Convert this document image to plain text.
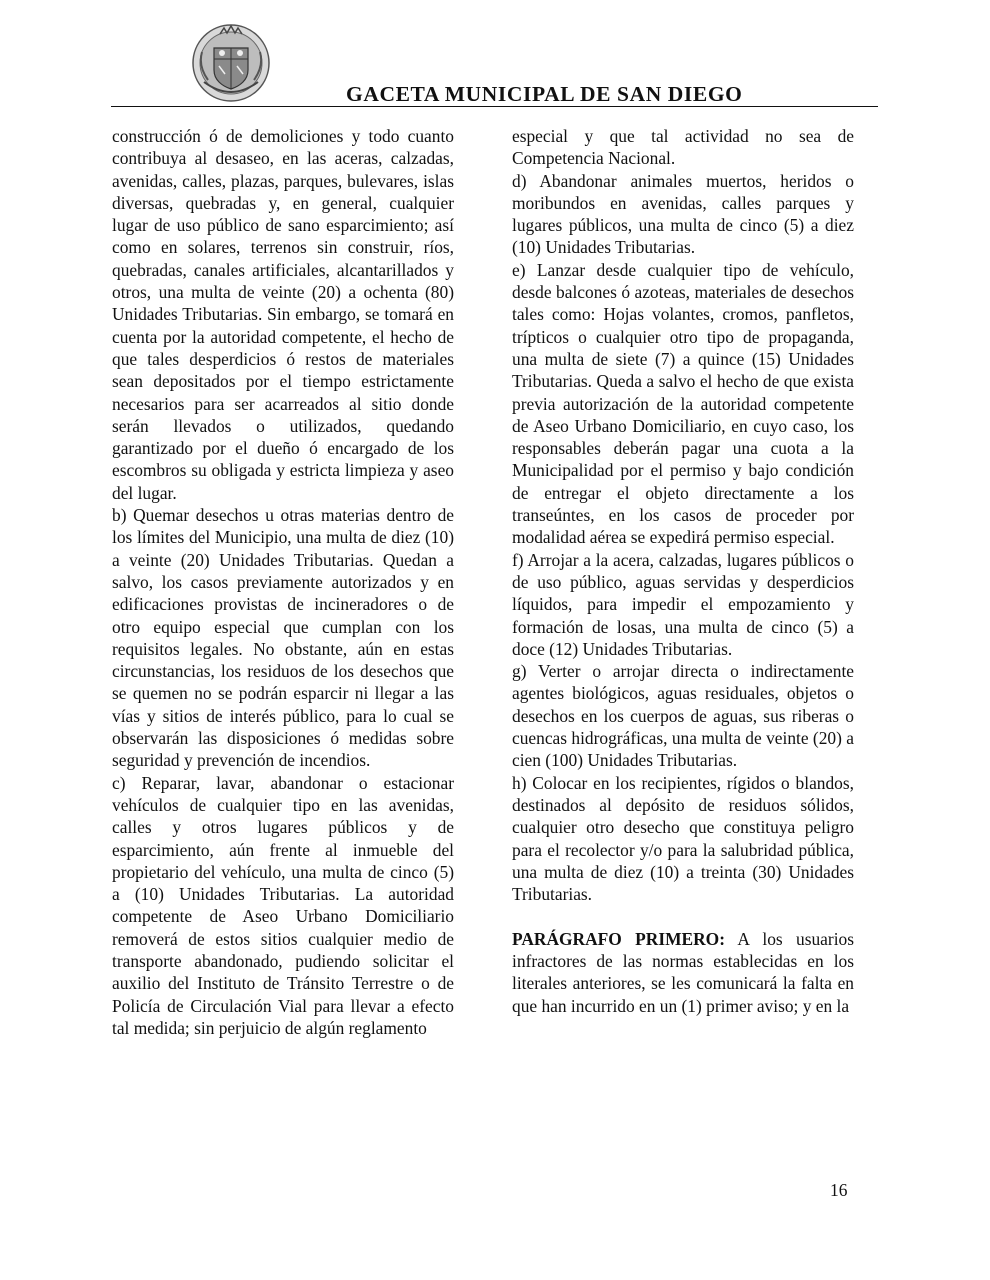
GACETA MUNICIPAL DE SAN DIEGO

construcción ó de demoliciones y todo cuanto contribuya al desaseo, en las aceras, calzadas, avenidas, calles, plazas, parques, bulevares, islas diversas, quebradas y, en general, cualquier lugar de uso público de sano esparcimiento; así como en solares, terrenos sin construir, ríos, quebradas, canales artificiales, alcantarillados y otros, una multa de veinte (20) a ochenta (80) Unidades Tributarias. Sin embargo, se tomará en cuenta por la autoridad competente, el hecho de que tales desperdicios ó restos de materiales sean depositados por el tiempo estrictamente necesarios para ser acarreados al sitio donde serán llevados o utilizados, quedando garantizado por el dueño ó encargado de los escombros su obligada y estricta limpieza y aseo del lugar.

b) Quemar desechos u otras materias dentro de los límites del Municipio, una multa de diez (10) a veinte (20) Unidades Tributarias. Quedan a salvo, los casos previamente autorizados y en edificaciones provistas de incineradores o de otro equipo especial que cumplan con los requisitos legales. No obstante, aún en estas circunstancias, los residuos de los desechos que se quemen no se podrán esparcir ni llegar a las vías y sitios de interés público, para lo cual se observarán las disposiciones ó medidas sobre seguridad y prevención de incendios.

c) Reparar, lavar, abandonar o estacionar vehículos de cualquier tipo en las avenidas, calles y otros lugares públicos y de esparcimiento, aún frente al inmueble del propietario del vehículo, una multa de cinco (5) a (10) Unidades Tributarias. La autoridad competente de Aseo Urbano Domiciliario removerá de estos sitios cualquier medio de transporte abandonado, pudiendo solicitar el auxilio del Instituto de Tránsito Terrestre o de Policía de Circulación Vial para llevar a efecto tal medida; sin perjuicio de algún reglamento

especial y que tal actividad no sea de Competencia Nacional.

d) Abandonar animales muertos, heridos o moribundos en avenidas, calles parques y lugares públicos, una multa de cinco (5) a diez (10) Unidades Tributarias.

e) Lanzar desde cualquier tipo de vehículo, desde balcones ó azoteas, materiales de desechos tales como: Hojas volantes, cromos, panfletos, trípticos o cualquier otro tipo de propaganda, una multa de siete (7) a quince (15) Unidades Tributarias. Queda a salvo el hecho de que exista previa autorización de la autoridad competente de Aseo Urbano Domiciliario, en cuyo caso, los responsables deberán pagar una cuota a la Municipalidad por el permiso y bajo condición de entregar el objeto directamente a los transeúntes, en los casos de proceder por modalidad aérea se expedirá permiso especial.

f) Arrojar a la acera, calzadas, lugares públicos o de uso público, aguas servidas y desperdicios líquidos, para impedir el empozamiento y formación de losas, una multa de cinco (5) a doce (12) Unidades Tributarias.

g) Verter o arrojar directa o indirectamente agentes biológicos, aguas residuales, objetos o desechos en los cuerpos de aguas, sus riberas o cuencas hidrográficas, una multa de veinte (20) a cien (100) Unidades Tributarias.

h) Colocar en los recipientes, rígidos o blandos, destinados al depósito de residuos sólidos, cualquier otro desecho que constituya peligro para el recolector y/o para la salubridad pública, una multa de diez (10) a treinta (30) Unidades Tributarias.

PARÁGRAFO PRIMERO: A los usuarios infractores de las normas establecidas en los literales anteriores, se les comunicará la falta en que han incurrido en un (1) primer aviso; y en la

16
